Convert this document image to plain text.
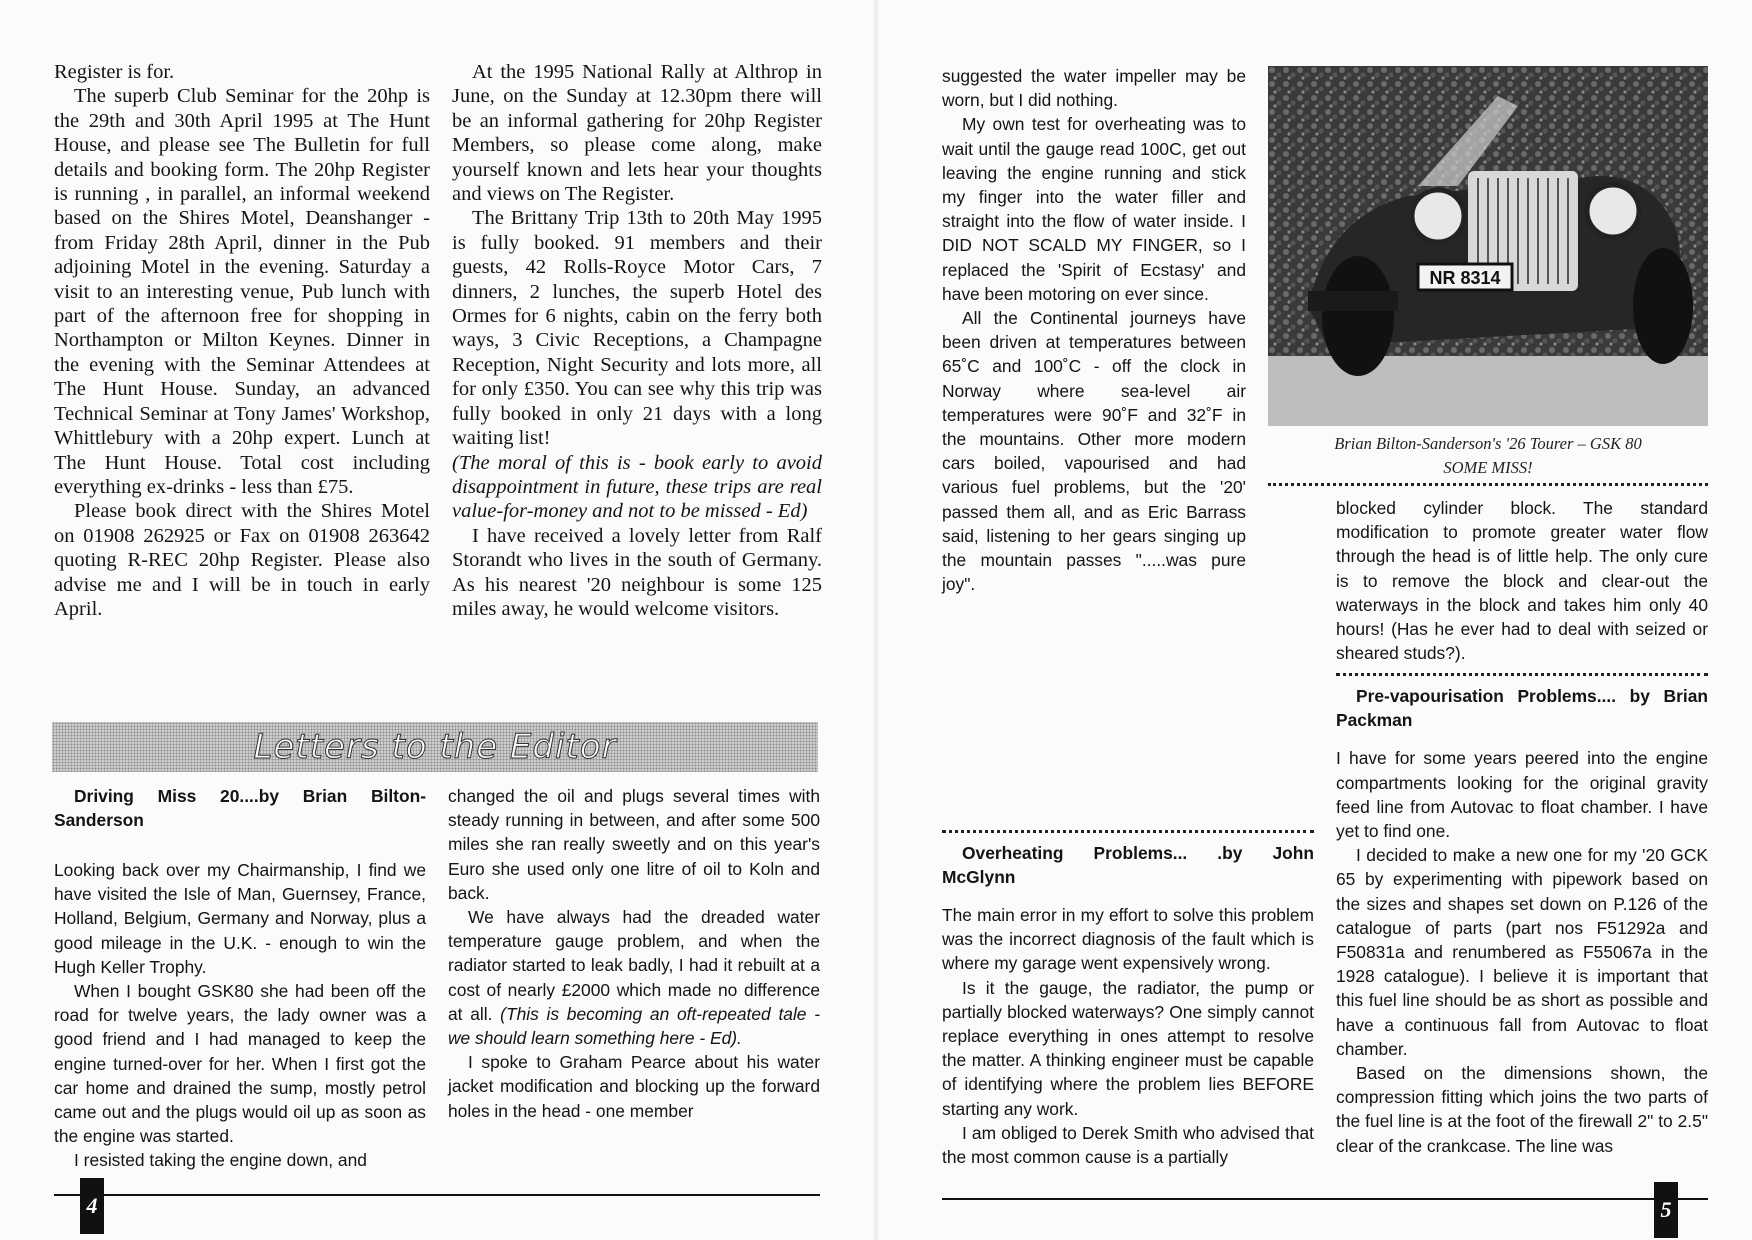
Register is for.

The superb Club Seminar for the 20hp is the 29th and 30th April 1995 at The Hunt House, and please see The Bulletin for full details and booking form. The 20hp Register is running , in parallel, an informal weekend based on the Shires Motel, Deanshanger - from Friday 28th April, dinner in the Pub adjoining Motel in the evening. Saturday a visit to an interesting venue, Pub lunch with part of the afternoon free for shopping in Northampton or Milton Keynes. Dinner in the evening with the Seminar Attendees at The Hunt House. Sunday, an advanced Technical Seminar at Tony James' Workshop, Whittlebury with a 20hp expert. Lunch at The Hunt House. Total cost including everything ex-drinks - less than £75.

Please book direct with the Shires Motel on 01908 262925 or Fax on 01908 263642 quoting R-REC 20hp Register. Please also advise me and I will be in touch in early April.

At the 1995 National Rally at Althrop in June, on the Sunday at 12.30pm there will be an informal gathering for 20hp Register Members, so please come along, make yourself known and lets hear your thoughts and views on The Register.

The Brittany Trip 13th to 20th May 1995 is fully booked. 91 members and their guests, 42 Rolls-Royce Motor Cars, 7 dinners, 2 lunches, the superb Hotel des Ormes for 6 nights, cabin on the ferry both ways, 3 Civic Receptions, a Champagne Reception, Night Security and lots more, all for only £350. You can see why this trip was fully booked in only 21 days with a long waiting list!

(The moral of this is - book early to avoid disappointment in future, these trips are real value-for-money and not to be missed - Ed)

I have received a lovely letter from Ralf Storandt who lives in the south of Germany. As his nearest '20 neighbour is some 125 miles away, he would welcome visitors.

Letters to the Editor

Driving Miss 20....by Brian Bilton-Sanderson

Looking back over my Chairmanship, I find we have visited the Isle of Man, Guernsey, France, Holland, Belgium, Germany and Norway, plus a good mileage in the U.K. - enough to win the Hugh Keller Trophy.

When I bought GSK80 she had been off the road for twelve years, the lady owner was a good friend and I had managed to keep the engine turned-over for her. When I first got the car home and drained the sump, mostly petrol came out and the plugs would oil up as soon as the engine was started.

I resisted taking the engine down, and

changed the oil and plugs several times with steady running in between, and after some 500 miles she ran really sweetly and on this year's Euro she used only one litre of oil to Koln and back.

We have always had the dreaded water temperature gauge problem, and when the radiator started to leak badly, I had it rebuilt at a cost of nearly £2000 which made no difference at all. (This is becoming an oft-repeated tale - we should learn something here - Ed).

I spoke to Graham Pearce about his water jacket modification and blocking up the forward holes in the head - one member

4

suggested the water impeller may be worn, but I did nothing.

My own test for overheating was to wait until the gauge read 100C, get out leaving the engine running and stick my finger into the water filler and straight into the flow of water inside. I DID NOT SCALD MY FINGER, so I replaced the 'Spirit of Ecstasy' and have been motoring on ever since.

All the Continental journeys have been driven at temperatures between 65˚C and 100˚C - off the clock in Norway where sea-level air temperatures were 90˚F and 32˚F in the mountains. Other more modern cars boiled, vapourised and had various fuel problems, but the '20' passed them all, and as Eric Barrass said, listening to her gears singing up the mountain passes ".....was pure joy".

NR 8314
Brian Bilton-Sanderson's '26 Tourer – GSK 80
SOME MISS!

Overheating Problems... .by John McGlynn

The main error in my effort to solve this problem was the incorrect diagnosis of the fault which is where my garage went expensively wrong.

Is it the gauge, the radiator, the pump or partially blocked waterways? One simply cannot replace everything in ones attempt to resolve the matter. A thinking engineer must be capable of identifying where the problem lies BEFORE starting any work.

I am obliged to Derek Smith who advised that the most common cause is a partially

blocked cylinder block. The standard modification to promote greater water flow through the head is of little help. The only cure is to remove the block and clear-out the waterways in the block and takes him only 40 hours! (Has he ever had to deal with seized or sheared studs?).

Pre-vapourisation Problems.... by Brian Packman

I have for some years peered into the engine compartments looking for the original gravity feed line from Autovac to float chamber. I have yet to find one.

I decided to make a new one for my '20 GCK 65 by experimenting with pipework based on the sizes and shapes set down on P.126 of the catalogue of parts (part nos F51292a and F50831a and renumbered as F55067a in the 1928 catalogue). I believe it is important that this fuel line should be as short as possible and have a continuous fall from Autovac to float chamber.

Based on the dimensions shown, the compression fitting which joins the two parts of the fuel line is at the foot of the firewall 2" to 2.5" clear of the crankcase. The line was

5
